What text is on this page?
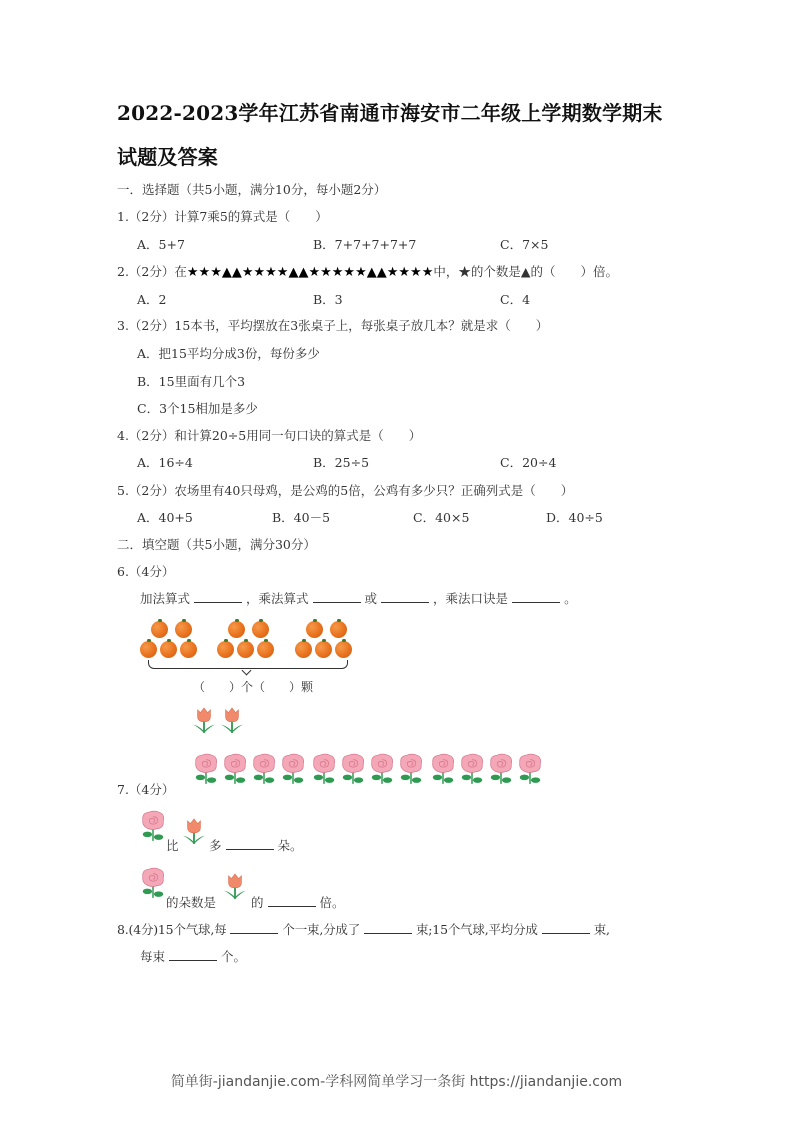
2022-2023学年江苏省南通市海安市二年级上学期数学期末
试题及答案
一．选择题（共5小题，满分10分，每小题2分）
1.（2分）计算7乘5的算式是（　　）
A．5+7	B．7+7+7+7+7	C．7×5
2.（2分）在★★★▲▲★★★★▲▲★★★★★▲▲★★★★中，★的个数是▲的（　　）倍。
A．2	B．3	C．4
3.（2分）15本书，平均摆放在3张桌子上，每张桌子放几本？就是求（　　）
A．把15平均分成3份，每份多少
B．15里面有几个3
C．3个15相加是多少
4.（2分）和计算20÷5用同一句口诀的算式是（　　）
A．16÷4	B．25÷5	C．20÷4
5.（2分）农场里有40只母鸡，是公鸡的5倍，公鸡有多少只？正确列式是（　　）
A．40+5	B．40－5	C．40×5	D．40÷5
二．填空题（共5小题，满分30分）
6.（4分）
加法算式	，乘法算式	或	，乘法口诀是	。
（　　）个（　　）颗
7.（4分）
比 多	朵。
的朵数是	的	倍。
8.(4分)15个气球,每	个一束,分成了	束;15个气球,平均分成	束,
每束	个。
简单街-jiandanjie.com-学科网简单学习一条街 https://jiandanjie.com
